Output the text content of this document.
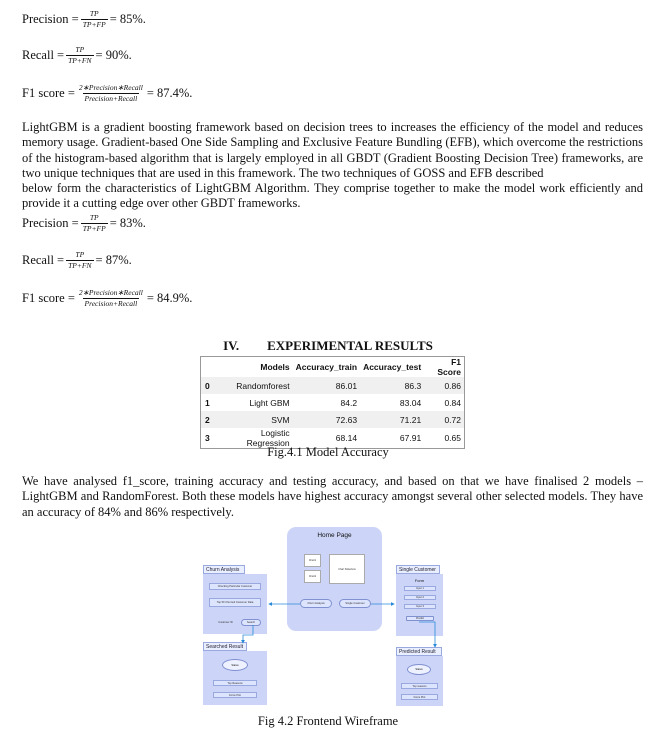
Precision = $\frac{TP}{TP+FP} = 85\%$.
Recall = $\frac{TP}{TP+FN} = 90\%$.
F1 score = $\frac{\text{2∗Precision∗Recall}}{\text{Precision+Recall}} = 87.4\%$.
LightGBM is a gradient boosting framework based on decision trees to increases the efficiency of the model and reduces memory usage. Gradient-based One Side Sampling and Exclusive Feature Bundling (EFB), which overcome the restrictions of the histogram-based algorithm that is largely employed in all GBDT (Gradient Boosting Decision Tree) frameworks, are two unique techniques that are used in this framework. The two techniques of GOSS and EFB described
below form the characteristics of LightGBM Algorithm. They comprise together to make the model work efficiently and provide it a cutting edge over other GBDT frameworks.
Precision = $\frac{TP}{TP+FP} = 83\%$.
Recall = $\frac{TP}{TP+FN} = 87\%$.
F1 score = $\frac{\text{2∗Precision∗Recall}}{\text{Precision+Recall}} = 84.9\%$.
IV. EXPERIMENTAL RESULTS
	Models	Accuracy_train	Accuracy_test	F1 Score
0	Randomforest	86.01	86.3	0.86
1	Light GBM	84.2	83.04	0.84
2	SVM	72.63	71.21	0.72
3	Logistic Regression	68.14	67.91	0.65
Fig.4.1 Model Accuracy
We have analysed f1_score, training accuracy and testing accuracy, and based on that we have finalised 2 models – LightGBM and RandomForest. Both these models have highest accuracy amongst several other selected models. They have an accuracy of 84% and 86% respectively.
Home Page
Chart1
Chart2
Chart Slideshow
Churn Analysis	Single Customer
Churn Analysis
Checking Particular Customer
Top 50 Churned Customer Data
Customer ID	Search
Searched Result
Status
Top Reasons
Force Plot
Single Customer
Form
Input 1
Input 2
Input 3
Predict
Predicted Result
Status
Top reasons
Force Plot
Fig 4.2 Frontend Wireframe
